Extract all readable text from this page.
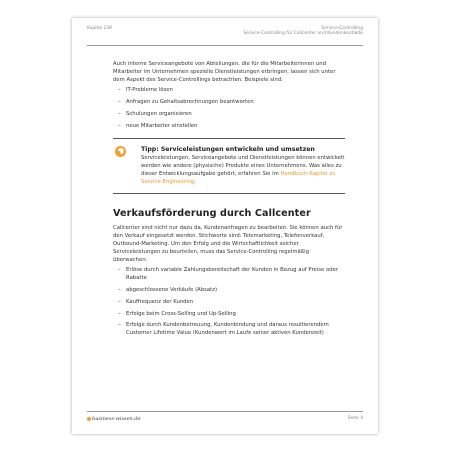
Kapitel 238	Service-Controlling
Service-Controlling für Callcenter und Kundenkontakte

Auch interne Serviceangebote von Abteilungen, die für die Mitarbeiterinnen und Mitarbeiter im Unternehmen spezielle Dienstleistungen erbringen, lassen sich unter dem Aspekt des Service-Controllings betrachten. Beispiele sind:

– IT-Probleme lösen
– Anfragen zu Gehaltsabrechnungen beantworten
– Schulungen organisieren
– neue Mitarbeiter einstellen
Tipp: Serviceleistungen entwickeln und umsetzen
Serviceleistungen, Serviceangebote und Dienstleistungen können entwickelt werden wie andere (physische) Produkte eines Unternehmens. Was alles zu dieser Entwicklungsaufgabe gehört, erfahren Sie im Handbuch-Kapitel zu Service-Engineering.
Verkaufsförderung durch Callcenter

Callcenter sind nicht nur dazu da, Kundenanfragen zu bearbeiten. Sie können auch für den Verkauf eingesetzt werden. Stichworte sind: Telemarketing, Telefonverkauf, Outbound-Marketing. Um den Erfolg und die Wirtschaftlichkeit solcher Serviceleistungen zu beurteilen, muss das Service-Controlling regelmäßig überwachen:

– Erlöse durch variable Zahlungsbereitschaft der Kunden in Bezug auf Preise oder Rabatte
– abgeschlossene Verkäufe (Absatz)
– Kauffrequenz der Kunden
– Erfolge beim Cross-Selling und Up-Selling
– Erfolge durch Kundenbetreuung, Kundenbindung und daraus resultierendem Customer Lifetime Value (Kundenwert im Laufe seiner aktiven Kundenzeit)
business-wissen.de	Seite 4
